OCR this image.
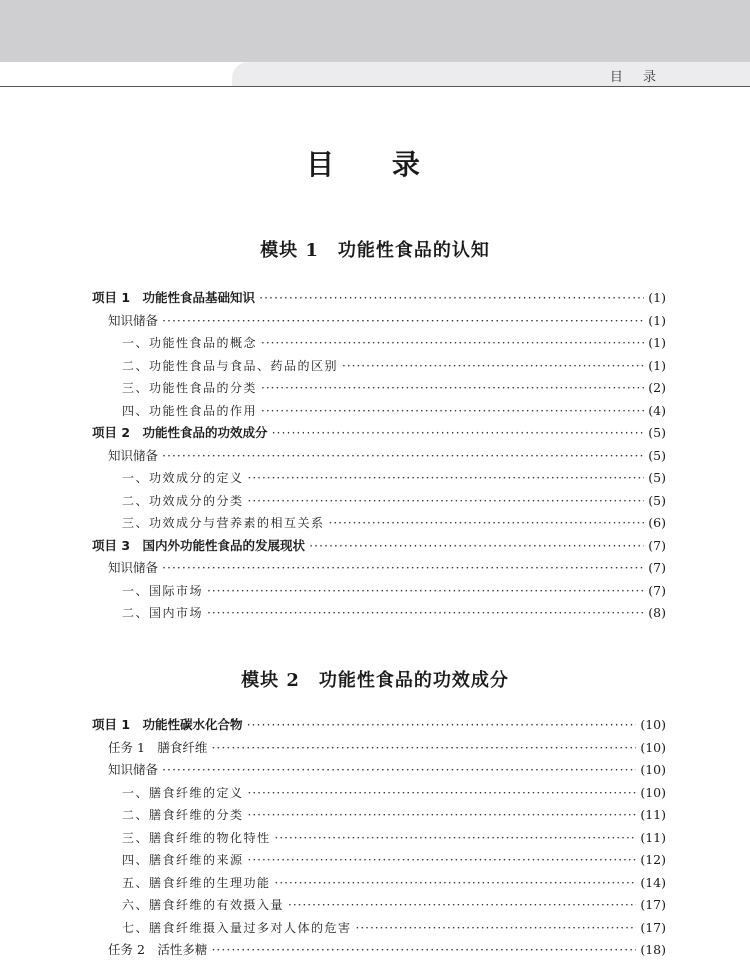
目 录
目 录
模块 1　功能性食品的认知
项目 1　功能性食品基础知识 ·····	(1)
知识储备 ·····	(1)
一、功能性食品的概念 ·····	(1)
二、功能性食品与食品、药品的区别 ·····	(1)
三、功能性食品的分类 ·····	(2)
四、功能性食品的作用 ·····	(4)
项目 2　功能性食品的功效成分 ·····	(5)
知识储备 ·····	(5)
一、功效成分的定义 ·····	(5)
二、功效成分的分类 ·····	(5)
三、功效成分与营养素的相互关系 ·····	(6)
项目 3　国内外功能性食品的发展现状 ·····	(7)
知识储备 ·····	(7)
一、国际市场 ·····	(7)
二、国内市场 ·····	(8)
模块 2　功能性食品的功效成分
项目 1　功能性碳水化合物 ·····	(10)
任务 1　膳食纤维 ·····	(10)
知识储备 ·····	(10)
一、膳食纤维的定义 ·····	(10)
二、膳食纤维的分类 ·····	(11)
三、膳食纤维的物化特性 ·····	(11)
四、膳食纤维的来源 ·····	(12)
五、膳食纤维的生理功能 ·····	(14)
六、膳食纤维的有效摄入量 ·····	(17)
七、膳食纤维摄入量过多对人体的危害 ·····	(17)
任务 2　活性多糖 ·····	(18)
